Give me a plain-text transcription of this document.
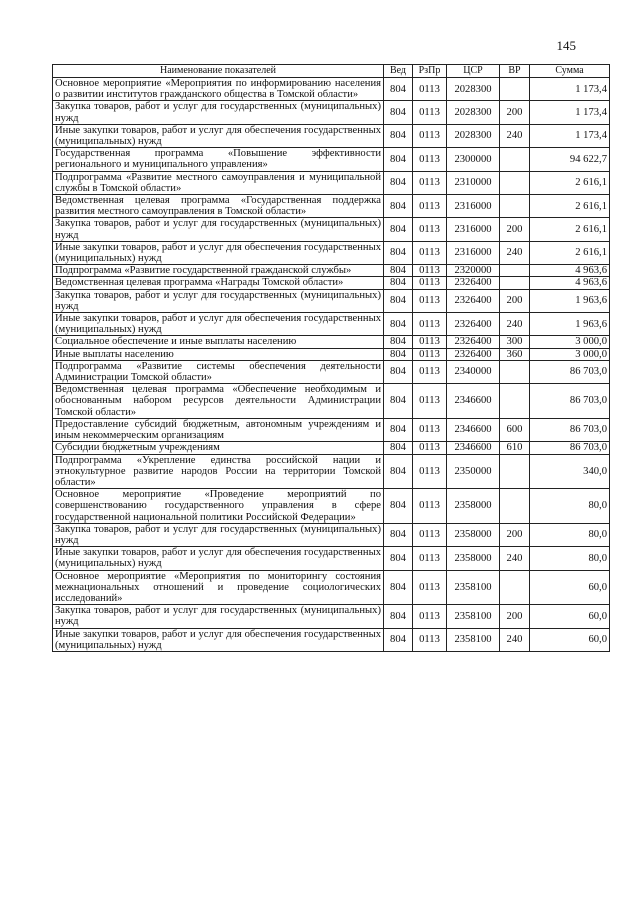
145
Наименование показателей	Вед	РзПр	ЦСР	ВР	Сумма
Основное мероприятие «Мероприятия по информированию населения о развитии институтов гражданского общества в Томской области»	804	0113	2028300		1 173,4
Закупка товаров, работ и услуг для государственных (муниципальных) нужд	804	0113	2028300	200	1 173,4
Иные закупки товаров, работ и услуг для обеспечения государственных (муниципальных) нужд	804	0113	2028300	240	1 173,4
Государственная программа «Повышение эффективности регионального и муниципального управления»	804	0113	2300000		94 622,7
Подпрограмма «Развитие местного самоуправления и муниципальной службы в Томской области»	804	0113	2310000		2 616,1
Ведомственная целевая программа «Государственная поддержка развития местного самоуправления в Томской области»	804	0113	2316000		2 616,1
Закупка товаров, работ и услуг для государственных (муниципальных) нужд	804	0113	2316000	200	2 616,1
Иные закупки товаров, работ и услуг для обеспечения государственных (муниципальных) нужд	804	0113	2316000	240	2 616,1
Подпрограмма «Развитие государственной гражданской службы»	804	0113	2320000		4 963,6
Ведомственная целевая программа «Награды Томской области»	804	0113	2326400		4 963,6
Закупка товаров, работ и услуг для государственных (муниципальных) нужд	804	0113	2326400	200	1 963,6
Иные закупки товаров, работ и услуг для обеспечения государственных (муниципальных) нужд	804	0113	2326400	240	1 963,6
Социальное обеспечение и иные выплаты населению	804	0113	2326400	300	3 000,0
Иные выплаты населению	804	0113	2326400	360	3 000,0
Подпрограмма «Развитие системы обеспечения деятельности Администрации Томской области»	804	0113	2340000		86 703,0
Ведомственная целевая программа «Обеспечение необходимым и обоснованным набором ресурсов деятельности Администрации Томской области»	804	0113	2346600		86 703,0
Предоставление субсидий бюджетным, автономным учреждениям и иным некоммерческим организациям	804	0113	2346600	600	86 703,0
Субсидии бюджетным учреждениям	804	0113	2346600	610	86 703,0
Подпрограмма «Укрепление единства российской нации и этнокультурное развитие народов России на территории Томской области»	804	0113	2350000		340,0
Основное мероприятие «Проведение мероприятий по совершенствованию государственного управления в сфере государственной национальной политики Российской Федерации»	804	0113	2358000		80,0
Закупка товаров, работ и услуг для государственных (муниципальных) нужд	804	0113	2358000	200	80,0
Иные закупки товаров, работ и услуг для обеспечения государственных (муниципальных) нужд	804	0113	2358000	240	80,0
Основное мероприятие «Мероприятия по мониторингу состояния межнациональных отношений и проведение социологических исследований»	804	0113	2358100		60,0
Закупка товаров, работ и услуг для государственных (муниципальных) нужд	804	0113	2358100	200	60,0
Иные закупки товаров, работ и услуг для обеспечения государственных (муниципальных) нужд	804	0113	2358100	240	60,0
